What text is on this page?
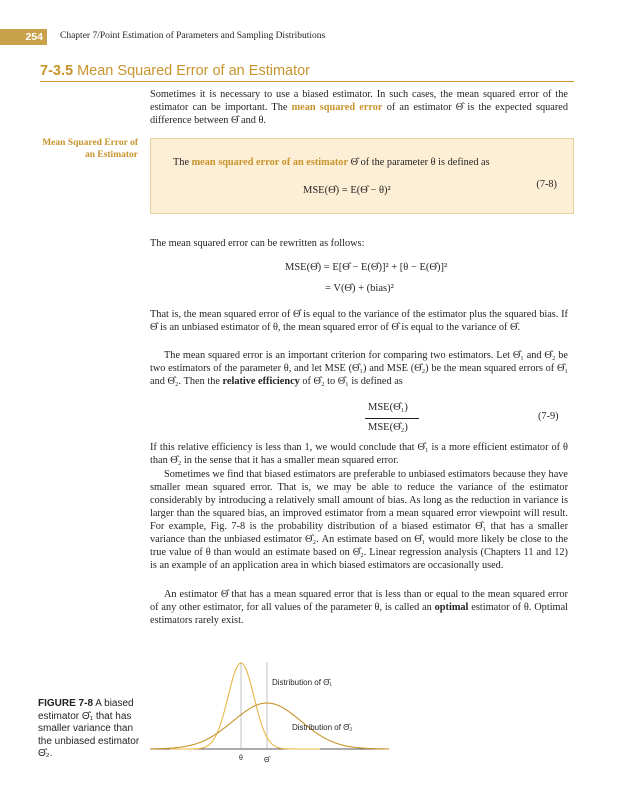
254	Chapter 7/Point Estimation of Parameters and Sampling Distributions
7-3.5 Mean Squared Error of an Estimator
Sometimes it is necessary to use a biased estimator. In such cases, the mean squared error of the estimator can be important. The mean squared error of an estimator Θ̂ is the expected squared difference between Θ̂ and θ.
Mean Squared Error of an Estimator
The mean squared error of an estimator Θ̂ of the parameter θ is defined as
MSE(Θ̂) = E(Θ̂ − θ)²
(7-8)
The mean squared error can be rewritten as follows:
MSE(Θ̂) = E[Θ̂ − E(Θ̂)]² + [θ − E(Θ̂)]²
= V(Θ̂) + (bias)²
That is, the mean squared error of Θ̂ is equal to the variance of the estimator plus the squared bias. If Θ̂ is an unbiased estimator of θ, the mean squared error of Θ̂ is equal to the variance of Θ̂.
The mean squared error is an important criterion for comparing two estimators. Let Θ̂₁ and Θ̂₂ be two estimators of the parameter θ, and let MSE (Θ̂₁) and MSE (Θ̂₂) be the mean squared errors of Θ̂₁ and Θ̂₂. Then the relative efficiency of Θ̂₂ to Θ̂₁ is defined as
MSE(Θ̂₁)
MSE(Θ̂₂)
(7-9)
If this relative efficiency is less than 1, we would conclude that Θ̂₁ is a more efficient estimator of θ than Θ̂₂ in the sense that it has a smaller mean squared error.
Sometimes we find that biased estimators are preferable to unbiased estimators because they have smaller mean squared error. That is, we may be able to reduce the variance of the estimator considerably by introducing a relatively small amount of bias. As long as the reduction in variance is larger than the squared bias, an improved estimator from a mean squared error viewpoint will result. For example, Fig. 7-8 is the probability distribution of a biased estimator Θ̂₁ that has a smaller variance than the unbiased estimator Θ̂₂. An estimate based on Θ̂₁ would more likely be close to the true value of θ than would an estimate based on Θ̂₂. Linear regression analysis (Chapters 11 and 12) is an example of an application area in which biased estimators are occasionally used.
An estimator Θ̂ that has a mean squared error that is less than or equal to the mean squared error of any other estimator, for all values of the parameter θ, is called an optimal estimator of θ. Optimal estimators rarely exist.
θ	Θ̂
Distribution of Θ̂₁
Distribution of Θ̂₂
FIGURE 7-8 A biased estimator Θ̂₁ that has smaller variance than the unbiased estimator Θ̂₂.
